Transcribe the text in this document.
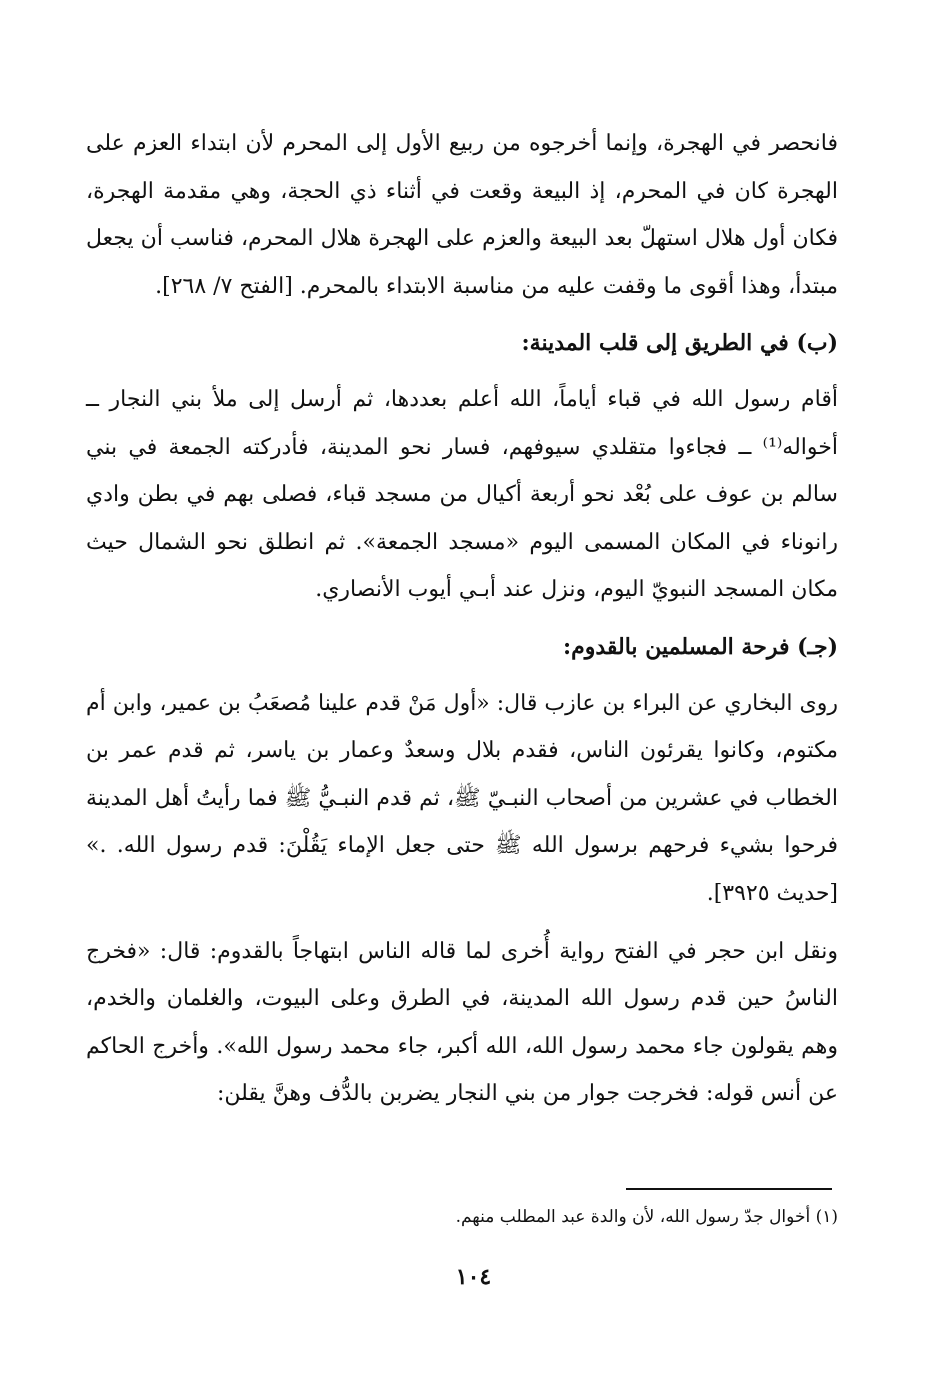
فانحصر في الهجرة، وإنما أخرجوه من ربيع الأول إلى المحرم لأن ابتداء العزم على الهجرة كان في المحرم، إذ البيعة وقعت في أثناء ذي الحجة، وهي مقدمة الهجرة، فكان أول هلال استهلّ بعد البيعة والعزم على الهجرة هلال المحرم، فناسب أن يجعل مبتدأ، وهذا أقوى ما وقفت عليه من مناسبة الابتداء بالمحرم. [الفتح ٧/ ٢٦٨].

(ب) في الطريق إلى قلب المدينة:

أقام رسول الله في قباء أياماً، الله أعلم بعددها، ثم أرسل إلى ملأ بني النجار ــ أخواله⁽¹⁾ ــ فجاءوا متقلدي سيوفهم، فسار نحو المدينة، فأدركته الجمعة في بني سالم بن عوف على بُعْد نحو أربعة أكيال من مسجد قباء، فصلى بهم في بطن وادي رانوناء في المكان المسمى اليوم «مسجد الجمعة». ثم انطلق نحو الشمال حيث مكان المسجد النبويّ اليوم، ونزل عند أبـي أيوب الأنصاري.

(جـ) فرحة المسلمين بالقدوم:

روى البخاري عن البراء بن عازب قال: «أول مَنْ قدم علينا مُصعَبُ بن عمير، وابن أم مكتوم، وكانوا يقرئون الناس، فقدم بلال وسعدٌ وعمار بن ياسر، ثم قدم عمر بن الخطاب في عشرين من أصحاب النبـيّ ﷺ، ثم قدم النبـيُّ ﷺ فما رأيتُ أهل المدينة فرحوا بشيء فرحهم برسول الله ﷺ حتى جعل الإماء يَقُلْنَ: قدم رسول الله. .» [حديث ٣٩٢٥].

ونقل ابن حجر في الفتح رواية أُخرى لما قاله الناس ابتهاجاً بالقدوم: قال: «فخرج الناسُ حين قدم رسول الله المدينة، في الطرق وعلى البيوت، والغلمان والخدم، وهم يقولون جاء محمد رسول الله، الله أكبر، جاء محمد رسول الله». وأخرج الحاكم عن أنس قوله: فخرجت جوار من بني النجار يضربن بالدُّف وهنَّ يقلن:

(١) أخوال جدّ رسول الله، لأن والدة عبد المطلب منهم.
١٠٤
